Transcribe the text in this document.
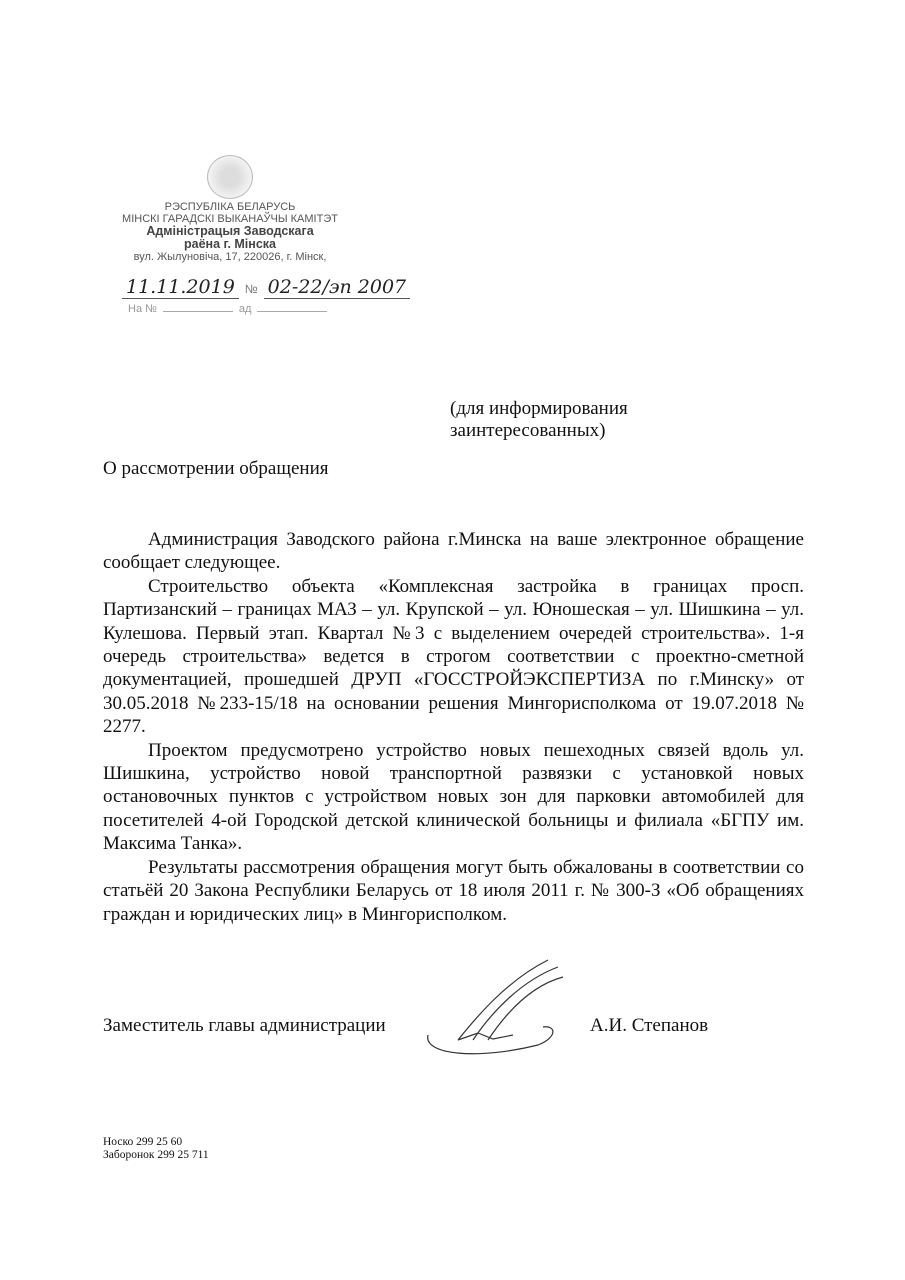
РЭСПУБЛІКА БЕЛАРУСЬ
МІНСКІ ГАРАДСКІ ВЫКАНАЎЧЫ КАМІТЭТ
Адміністрацыя Заводскага
раёна г. Мінска
вул. Жылуновіча, 17, 220026, г. Мінск,
11.11.2019 № 02-22/эп 2007
На №	ад
(для информирования
заинтересованных)
О рассмотрении обращения

Администрация Заводского района г.Минска на ваше электронное обращение сообщает следующее.

Строительство объекта «Комплексная застройка в границах просп. Партизанский – границах МАЗ – ул. Крупской – ул. Юношеская – ул. Шишкина – ул. Кулешова. Первый этап. Квартал №3 с выделением очередей строительства». 1-я очередь строительства» ведется в строгом соответствии с проектно-сметной документацией, прошедшей ДРУП «ГОССТРОЙЭКСПЕРТИЗА по г.Минску» от 30.05.2018 №233-15/18 на основании решения Мингорисполкома от 19.07.2018 № 2277.

Проектом предусмотрено устройство новых пешеходных связей вдоль ул. Шишкина, устройство новой транспортной развязки с установкой новых остановочных пунктов с устройством новых зон для парковки автомобилей для посетителей 4-ой Городской детской клинической больницы и филиала «БГПУ им. Максима Танка».

Результаты рассмотрения обращения могут быть обжалованы в соответствии со статьёй 20 Закона Республики Беларусь от 18 июля 2011 г. № 300-З «Об обращениях граждан и юридических лиц» в Мингорисполком.

Заместитель главы администрации	А.И. Степанов
Носко 299 25 60
Заборонок 299 25 711
